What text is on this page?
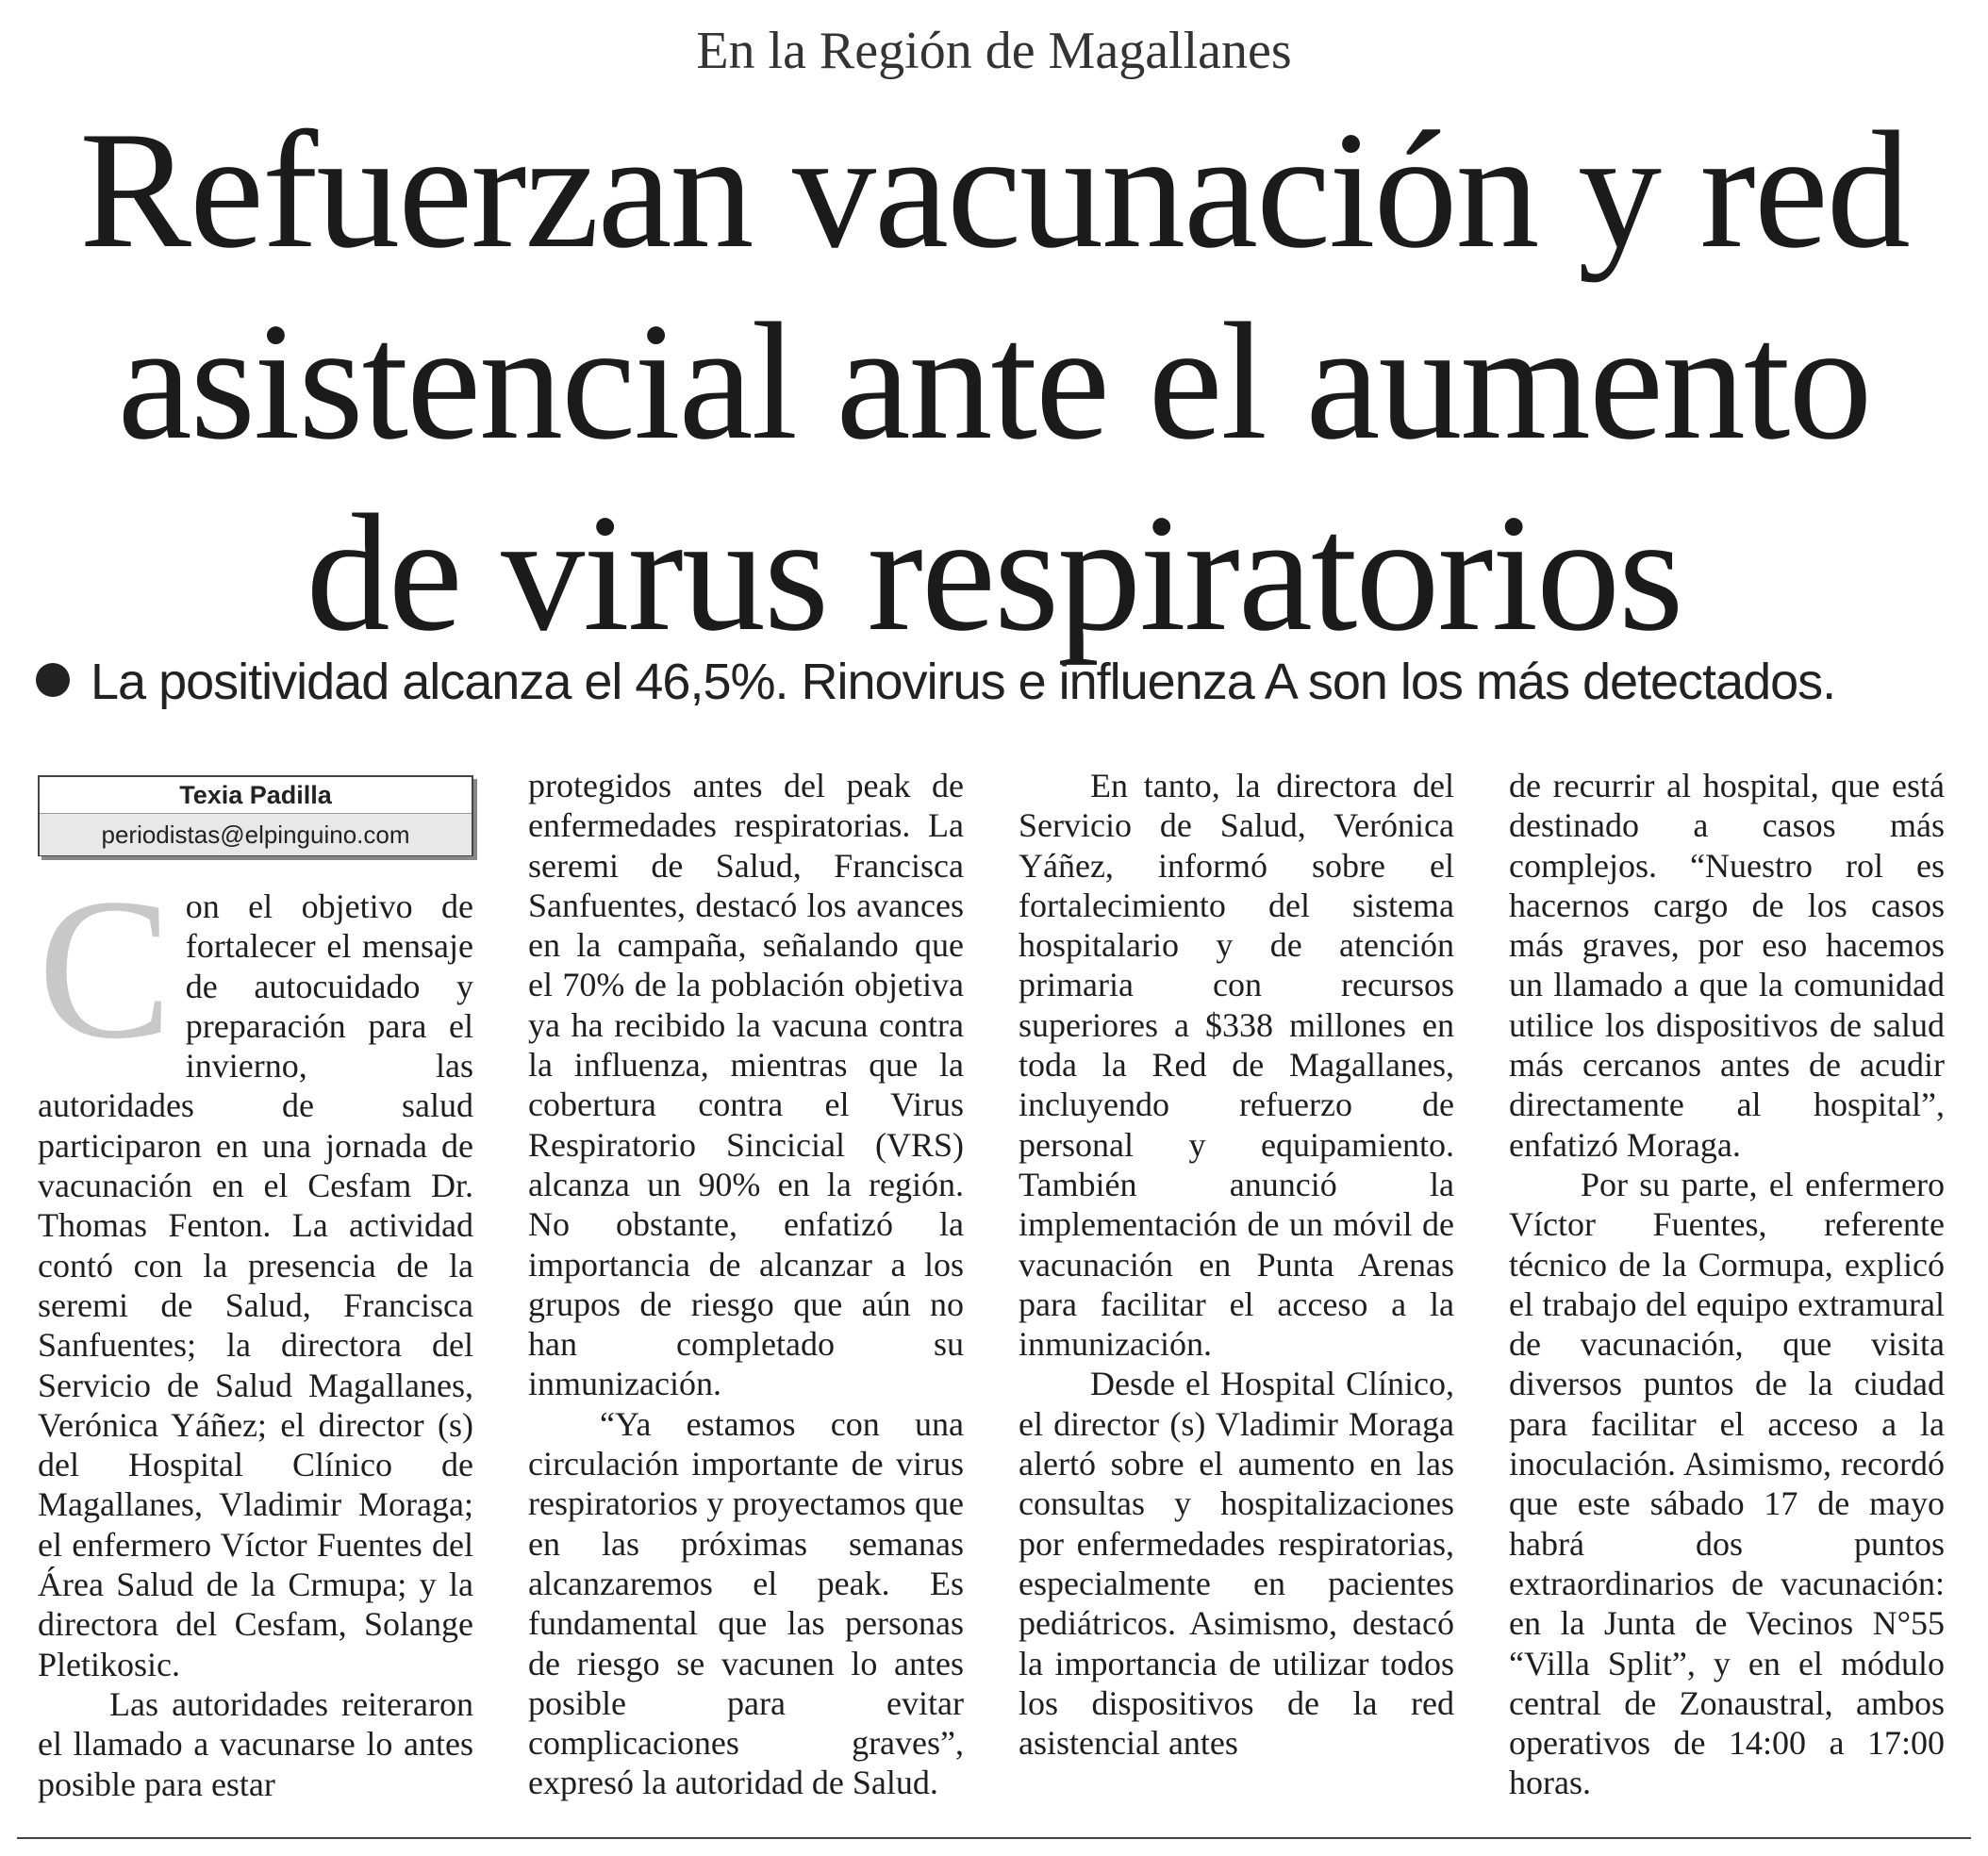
En la Región de Magallanes
Refuerzan vacunación y red
asistencial ante el aumento
de virus respiratorios
La positividad alcanza el 46,5%. Rinovirus e influenza A son los más detectados.
Texia Padilla
periodistas@elpinguino.com

Con el objetivo de fortalecer el mensaje de autocuidado y preparación para el invierno, las autoridades de salud participaron en una jornada de vacunación en el Cesfam Dr. Thomas Fenton. La actividad contó con la presencia de la seremi de Salud, Francisca Sanfuentes; la directora del Servicio de Salud Magallanes, Verónica Yáñez; el director (s) del Hospital Clínico de Magallanes, Vladimir Moraga; el enfermero Víctor Fuentes del Área Salud de la Crmupa; y la directora del Cesfam, Solange Pletikosic.

Las autoridades reiteraron el llamado a vacunarse lo antes posible para estar

protegidos antes del peak de enfermedades respiratorias. La seremi de Salud, Francisca Sanfuentes, destacó los avances en la campaña, señalando que el 70% de la población objetiva ya ha recibido la vacuna contra la influenza, mientras que la cobertura contra el Virus Respiratorio Sincicial (VRS) alcanza un 90% en la región. No obstante, enfatizó la importancia de alcanzar a los grupos de riesgo que aún no han completado su inmunización.

“Ya estamos con una circulación importante de virus respiratorios y proyectamos que en las próximas semanas alcanzaremos el peak. Es fundamental que las personas de riesgo se vacunen lo antes posible para evitar complicaciones graves”, expresó la autoridad de Salud.

En tanto, la directora del Servicio de Salud, Verónica Yáñez, informó sobre el fortalecimiento del sistema hospitalario y de atención primaria con recursos superiores a $338 millones en toda la Red de Magallanes, incluyendo refuerzo de personal y equipamiento. También anunció la implementación de un móvil de vacunación en Punta Arenas para facilitar el acceso a la inmunización.

Desde el Hospital Clínico, el director (s) Vladimir Moraga alertó sobre el aumento en las consultas y hospitalizaciones por enfermedades respiratorias, especialmente en pacientes pediátricos. Asimismo, destacó la importancia de utilizar todos los dispositivos de la red asistencial antes

de recurrir al hospital, que está destinado a casos más complejos. “Nuestro rol es hacernos cargo de los casos más graves, por eso hacemos un llamado a que la comunidad utilice los dispositivos de salud más cercanos antes de acudir directamente al hospital”, enfatizó Moraga.

Por su parte, el enfermero Víctor Fuentes, referente técnico de la Cormupa, explicó el trabajo del equipo extramural de vacunación, que visita diversos puntos de la ciudad para facilitar el acceso a la inoculación. Asimismo, recordó que este sábado 17 de mayo habrá dos puntos extraordinarios de vacunación: en la Junta de Vecinos N°55 “Villa Split”, y en el módulo central de Zonaustral, ambos operativos de 14:00 a 17:00 horas.
